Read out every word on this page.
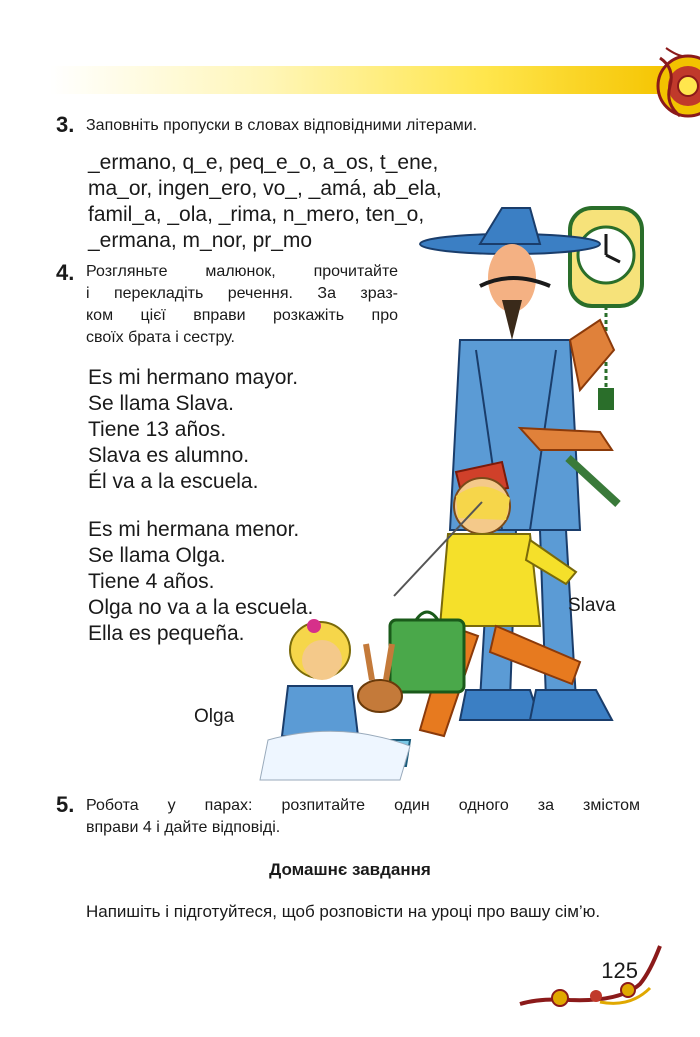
3. Заповніть пропуски в словах відповідними літерами.
_ermano, q_e, peq_e_o, a_os, t_ene,
ma_or, ingen_ero, vo_, _amá, ab_ela,
famil_a, _ola, _rima, n_mero, ten_o,
_ermana, m_nor, pr_mo
4. Розгляньте малюнок, прочитайте
і перекладіть речення. За зраз-
ком цієї вправи розкажіть про
своїх брата і сестру.
Es mi hermano mayor.
Se llama Slava.
Tiene 13 años.
Slava es alumno.
Él va a la escuela.
Es mi hermana menor.
Se llama Olga.
Tiene 4 años.
Olga no va a la escuela.
Ella es pequeña.
Slava
Olga
5. Робота у парах: розпитайте один одного за змістом
вправи 4 і дайте відповіді.
Домашнє завдання
Напишіть і підготуйтеся, щоб розповісти на уроці про вашу сім’ю.
125
